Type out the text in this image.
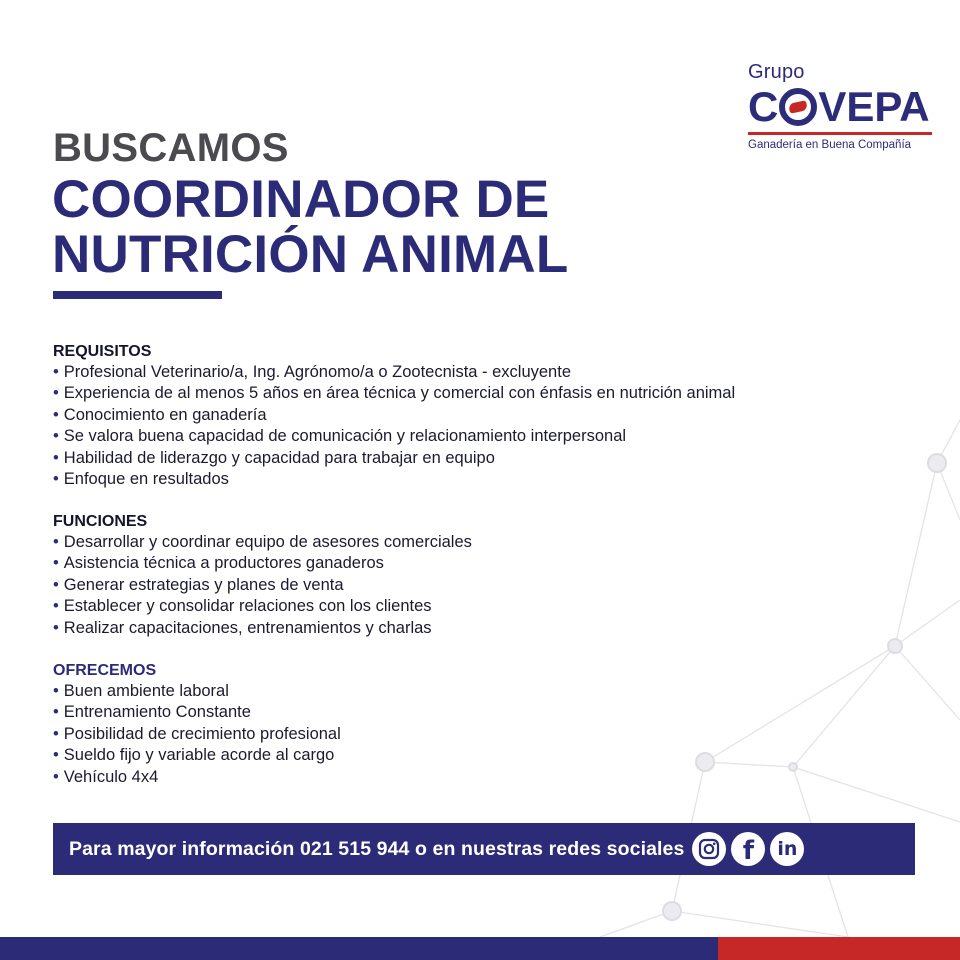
Grupo
C VEPA
Ganadería en Buena Compañía
BUSCAMOS
COORDINADOR DE
NUTRICIÓN ANIMAL
REQUISITOS
• Profesional Veterinario/a, Ing. Agrónomo/a o Zootecnista - excluyente
• Experiencia de al menos 5 años en área técnica y comercial con énfasis en nutrición animal
• Conocimiento en ganadería
• Se valora buena capacidad de comunicación y relacionamiento interpersonal
• Habilidad de liderazgo y capacidad para trabajar en equipo
• Enfoque en resultados
FUNCIONES
• Desarrollar y coordinar equipo de asesores comerciales
• Asistencia técnica a productores ganaderos
• Generar estrategias y planes de venta
• Establecer y consolidar relaciones con los clientes
• Realizar capacitaciones, entrenamientos y charlas
OFRECEMOS
• Buen ambiente laboral
• Entrenamiento Constante
• Posibilidad de crecimiento profesional
• Sueldo fijo y variable acorde al cargo
• Vehículo 4x4
Para mayor información 021 515 944 o en nuestras redes sociales	f	in
